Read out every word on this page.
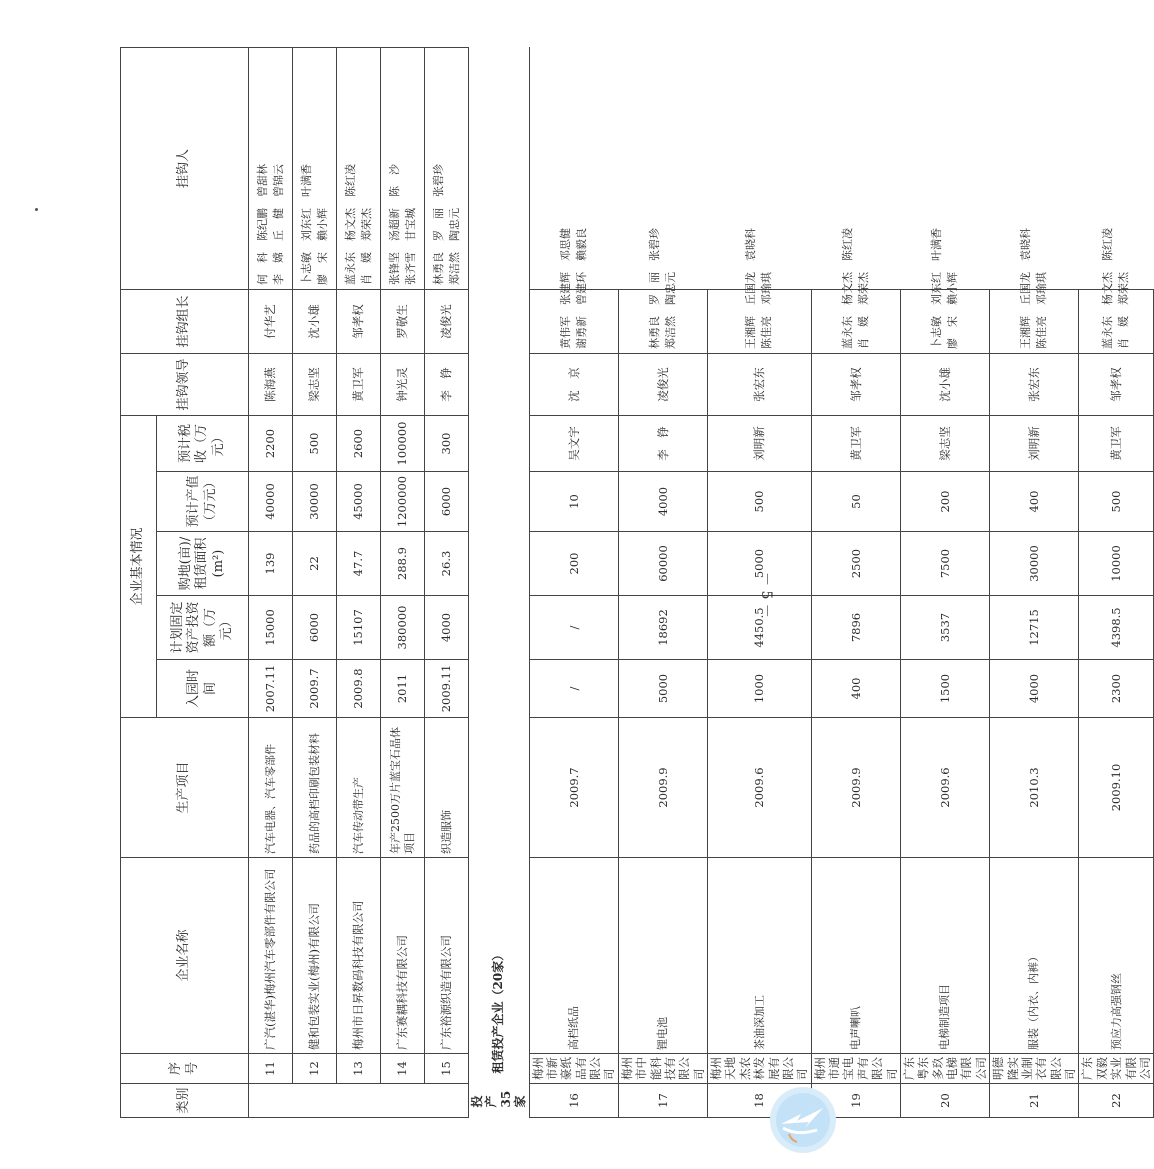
类别	序号	企业名称	生产项目	企业基本情况					挂钩领导	挂钩组长	挂钩人
				入园时间	计划固定资产投资额（万元）	购地(亩)/租赁面积(m²)	预计产值（万元）	预计税收（万元）			
	11	广汽(湛华)梅州汽车零部件有限公司	汽车电器、汽车零部件	2007.11	15000	139	40000	2200	陈海燕	付华艺	何　科　陈纪鹏　曾甜林 李　嫦　丘　健　曾锦云

	12	健和包装实业(梅州)有限公司	药品的高档印刷包装材料	2009.7	6000	22	30000	500	梁志坚	沈小雄	卜志敏　刘东红　叶满香 廖　宋　赖小辉

	13	梅州市日昇数码科技有限公司	汽车传动带生产	2009.8	15107	47.7	45000	2600	黄卫军	邹孝权	蓝永东　杨文杰　陈红凌 肖　媛　郑荣杰

	14	广东赛耦科技有限公司	年产2500万片蓝宝石晶体项目	2011	380000	288.9	1200000	100000	钟光灵	罗敬生	张锋坚　汤超新　陈　沙 张齐雪　甘宝城

	15	广东裕源织造有限公司	织造服饰	2009.11	4000	26.3	6000	300	李　铮	凌俊光	林勇良　罗　丽　张碧珍 郑洁然　陶忠元

投产35家	租赁投产企业（20家）										
16	梅州市新豪纸品有限公司	高档纸品	2009.7	/	/	200	10	吴文宇	沈　京	黄伟军　张建辉　邓思健 谢勇新　曾建环　赖毅良	

17	梅州市中能科技有限公司	锂电池	2009.9	5000	18692	60000	4000	李　铮	凌俊光	林勇良　罗　丽　张碧珍 郑洁然　陶忠元	

18	梅州天地杰农林发展有限公司	茶油深加工	2009.6	1000	4450.5	5000	500	刘明新	张宏东	王湘辉　丘国龙　袁晓科 陈佳亮　邓瑜琪	

19	梅州市通宝电声有限公司	电声喇叭	2009.9	400	7896	2500	50	黄卫军	邹孝权	蓝永东　杨文杰　陈红凌 肖　媛　郑荣杰	

20	广东粤东多玖电梯有限公司	电梯制造项目	2009.6	1500	3537	7500	200	梁志坚	沈小雄	卜志敏　刘东红　叶满香 廖　宋　赖小辉	

21	明德隆实业制衣有限公司	服装（内衣、内裤）	2010.3	4000	12715	30000	400	刘明新	张宏东	王湘辉　丘国龙　袁晓科 陈佳亮　邓瑜琪	

22	广东双毅实业有限公司	预应力高强钢丝	2009.10	2300	4398.5	10000	500	黄卫军	邹孝权	蓝永东　杨文杰　陈红凌 肖　媛　郑荣杰	
－ 5 －
